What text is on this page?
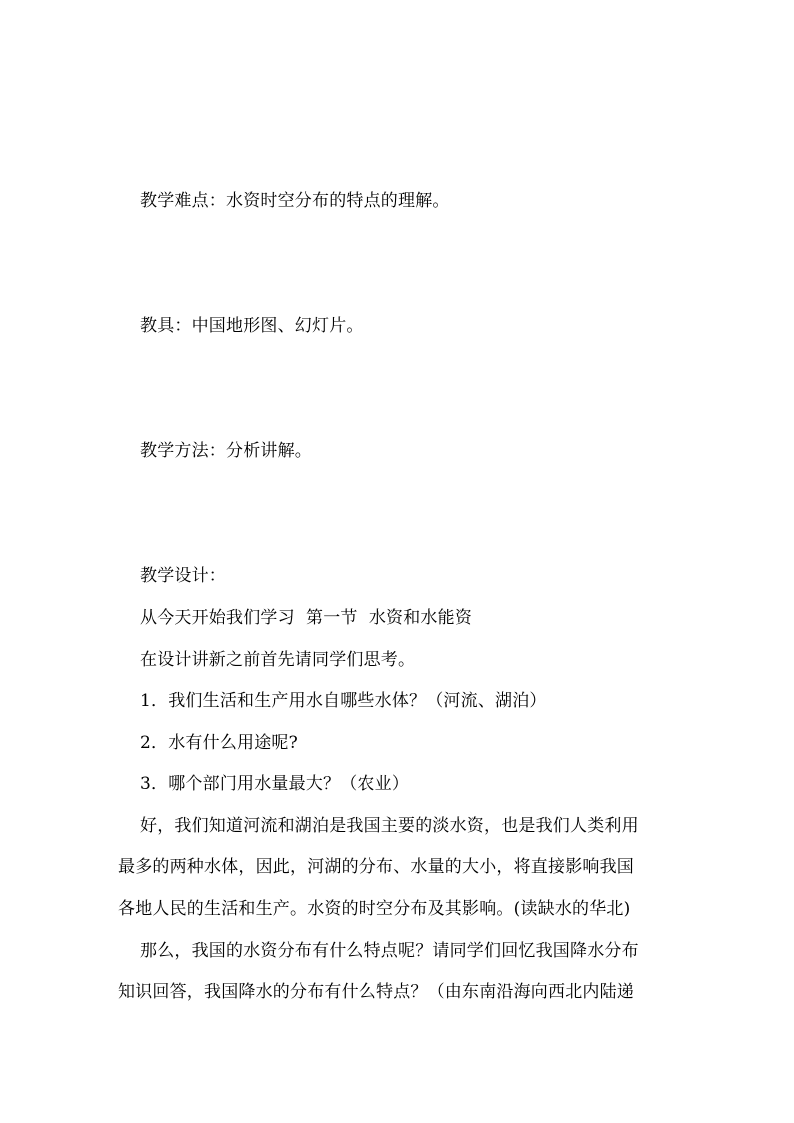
教学难点：水资时空分布的特点的理解。
教具：中国地形图、幻灯片。
教学方法：分析讲解。
教学设计：
从今天开始我们学习  第一节  水资和水能资
在设计讲新之前首先请同学们思考。
1．我们生活和生产用水自哪些水体？（河流、湖泊）
2．水有什么用途呢?
3．哪个部门用水量最大？（农业）
好，我们知道河流和湖泊是我国主要的淡水资，也是我们人类利用
最多的两种水体，因此，河湖的分布、水量的大小，将直接影响我国
各地人民的生活和生产。水资的时空分布及其影响。(读缺水的华北)
那么，我国的水资分布有什么特点呢？请同学们回忆我国降水分布
知识回答，我国降水的分布有什么特点？（由东南沿海向西北内陆递
